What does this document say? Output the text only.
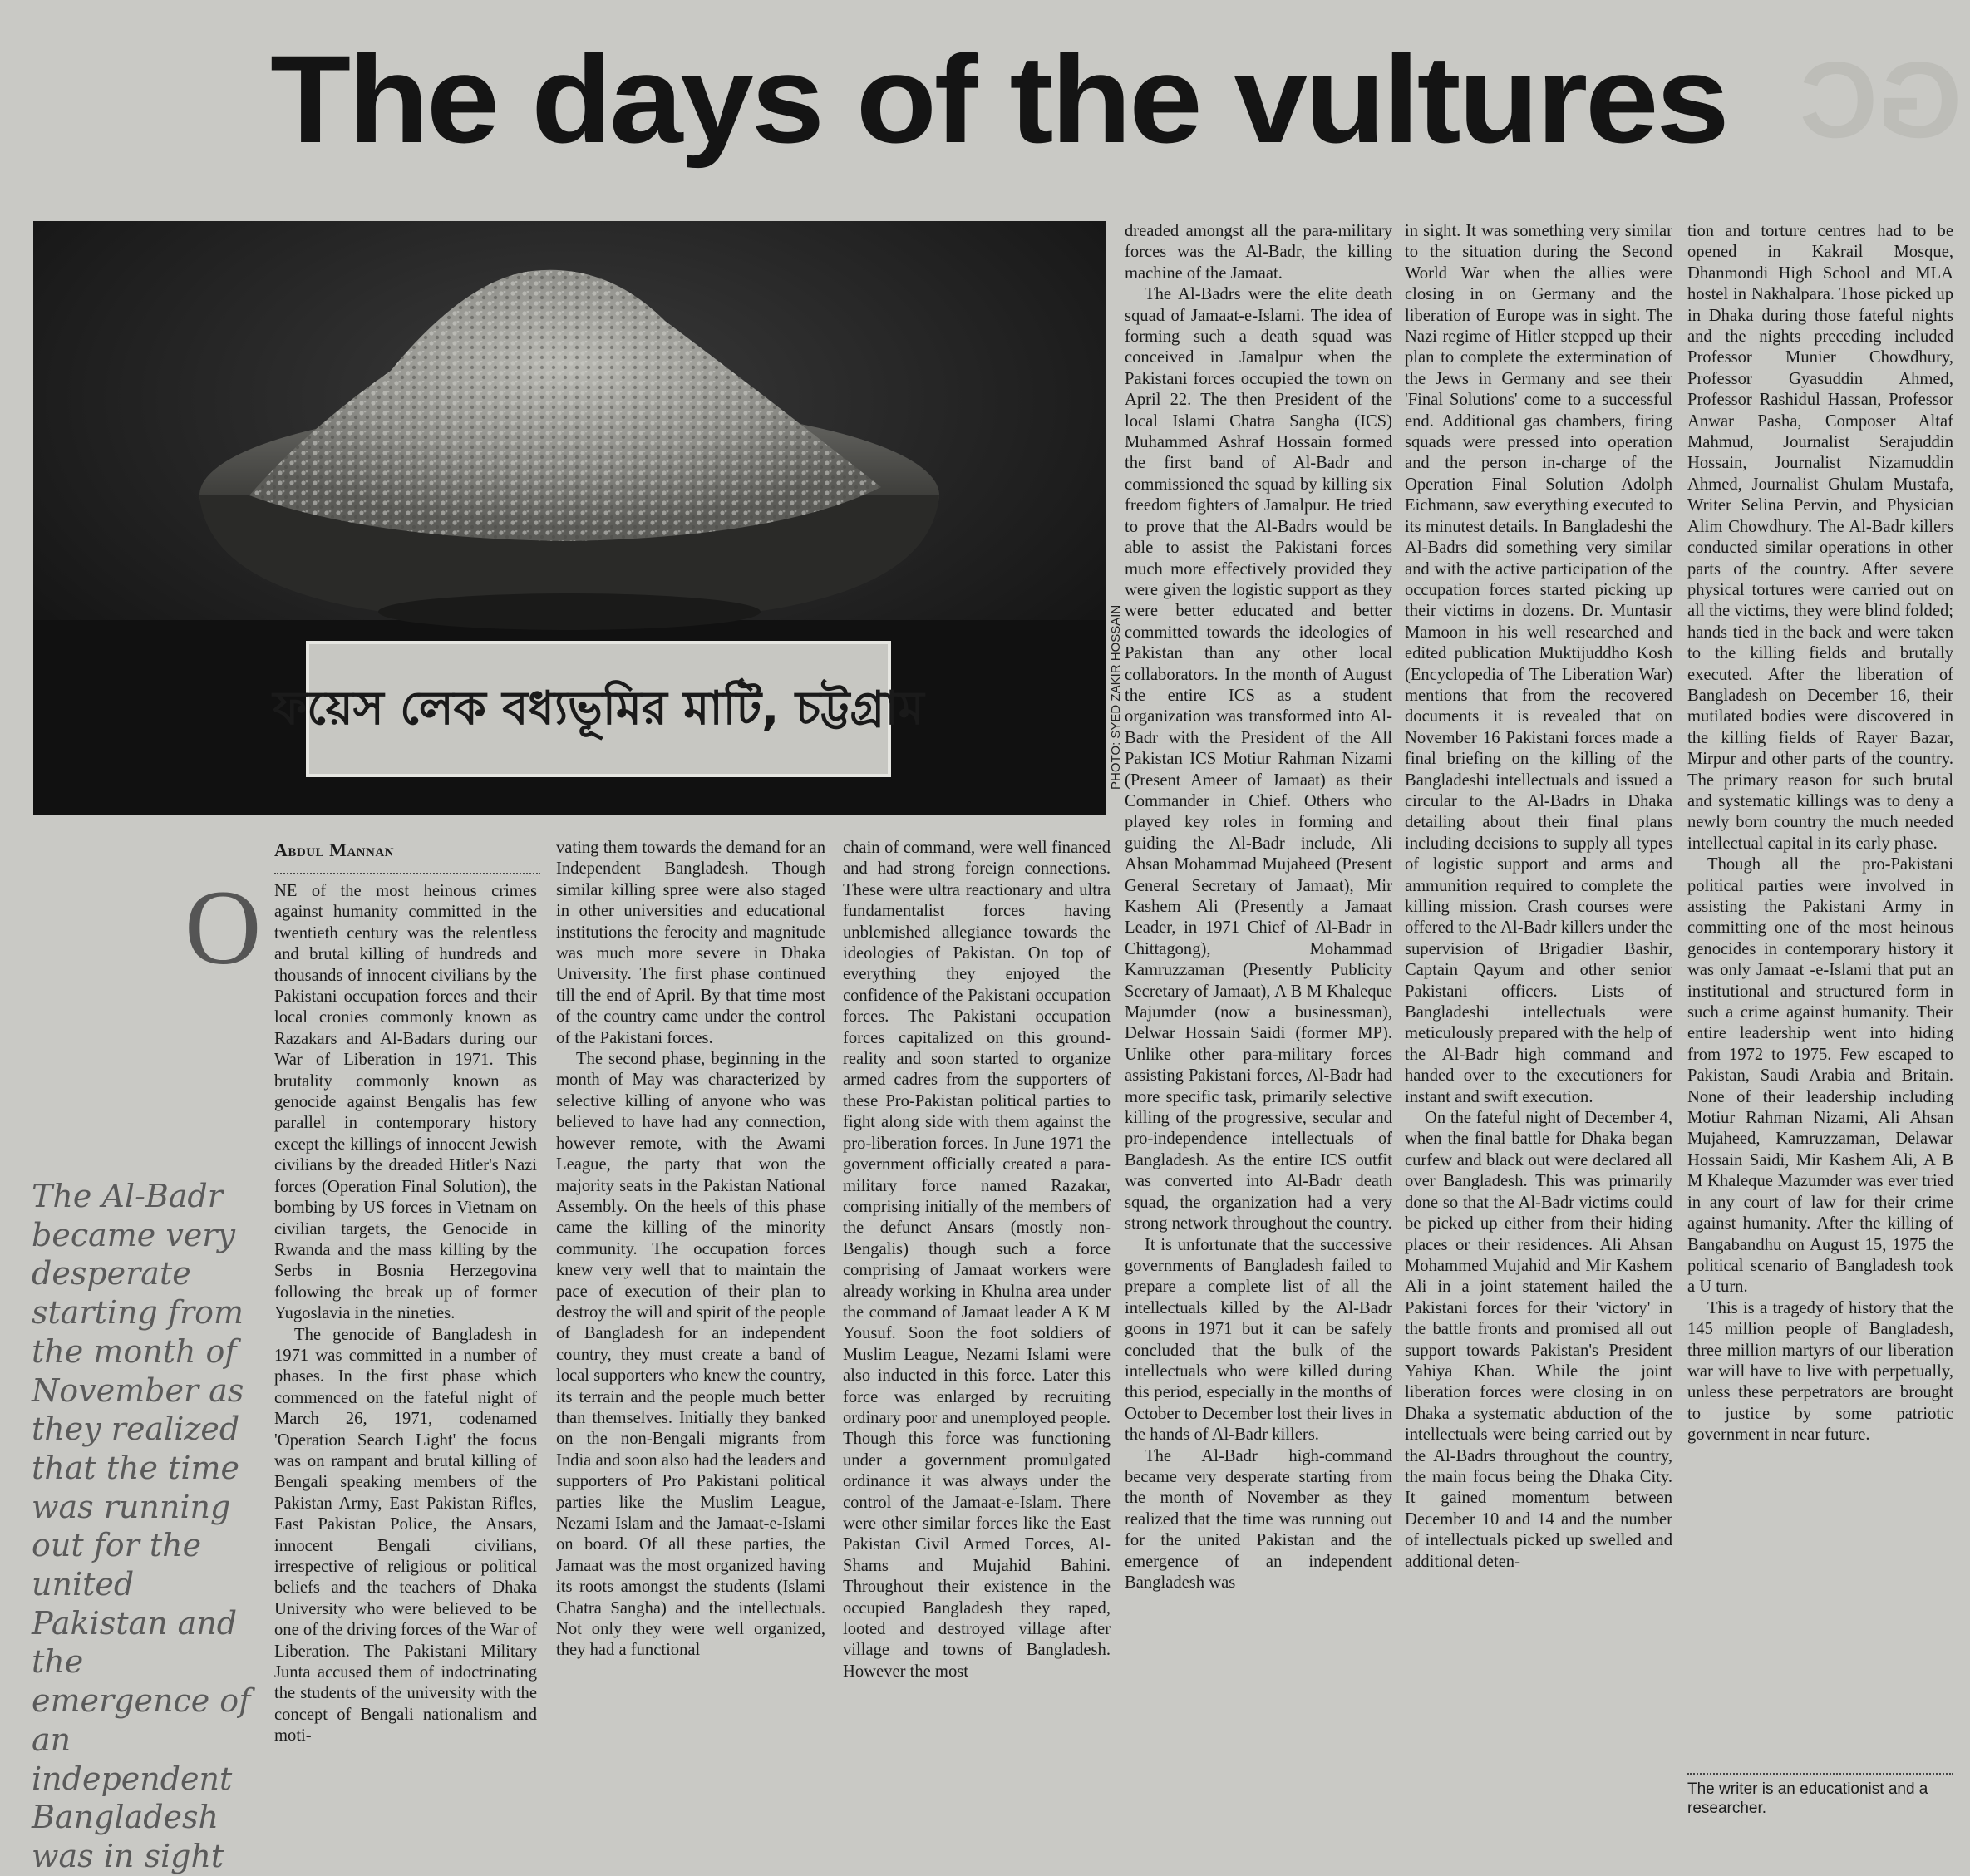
The days of the vultures GC
ফয়েস লেক বধ্যভূমির মাটি, চট্টগ্রাম	PHOTO: SYED ZAKIR HOSSAIN
Abdul Mannan
The Al-Badr became very desperate starting from the month of November as they realized that the time was running out for the united Pakistan and the emergence of an independent Bangladesh was in sight

NE of the most heinous crimes against humanity committed in the twentieth century was the relentless and brutal killing of hundreds and thousands of innocent civilians by the Pakistani occupation forces and their local cronies commonly known as Razakars and Al-Badars during our War of Liberation in 1971. This brutality commonly known as genocide against Bengalis has few parallel in contemporary history except the killings of innocent Jewish civilians by the dreaded Hitler's Nazi forces (Operation Final Solution), the bombing by US forces in Vietnam on civilian targets, the Genocide in Rwanda and the mass killing by the Serbs in Bosnia Herzegovina following the break up of former Yugoslavia in the nineties.

The genocide of Bangladesh in 1971 was committed in a number of phases. In the first phase which commenced on the fateful night of March 26, 1971, codenamed 'Operation Search Light' the focus was on rampant and brutal killing of Bengali speaking members of the Pakistan Army, East Pakistan Rifles, East Pakistan Police, the Ansars, innocent Bengali civilians, irrespective of religious or political beliefs and the teachers of Dhaka University who were believed to be one of the driving forces of the War of Liberation. The Pakistani Military Junta accused them of indoctrinating the students of the university with the concept of Bengali nationalism and moti-

O

vating them towards the demand for an Independent Bangladesh. Though similar killing spree were also staged in other universities and educational institutions the ferocity and magnitude was much more severe in Dhaka University. The first phase continued till the end of April. By that time most of the country came under the control of the Pakistani forces.

The second phase, beginning in the month of May was characterized by selective killing of anyone who was believed to have had any connection, however remote, with the Awami League, the party that won the majority seats in the Pakistan National Assembly. On the heels of this phase came the killing of the minority community. The occupation forces knew very well that to maintain the pace of execution of their plan to destroy the will and spirit of the people of Bangladesh for an independent country, they must create a band of local supporters who knew the country, its terrain and the people much better than themselves. Initially they banked on the non-Bengali migrants from India and soon also had the leaders and supporters of Pro Pakistani political parties like the Muslim League, Nezami Islam and the Jamaat-e-Islami on board. Of all these parties, the Jamaat was the most organized having its roots amongst the students (Islami Chatra Sangha) and the intellectuals. Not only they were well organized, they had a functional

chain of command, were well financed and had strong foreign connections. These were ultra reactionary and ultra fundamentalist forces having unblemished allegiance towards the ideologies of Pakistan. On top of everything they enjoyed the confidence of the Pakistani occupation forces. The Pakistani occupation forces capitalized on this ground-reality and soon started to organize armed cadres from the supporters of these Pro-Pakistan political parties to fight along side with them against the pro-liberation forces. In June 1971 the government officially created a para-military force named Razakar, comprising initially of the members of the defunct Ansars (mostly non-Bengalis) though such a force comprising of Jamaat workers were already working in Khulna area under the command of Jamaat leader A K M Yousuf. Soon the foot soldiers of Muslim League, Nezami Islami were also inducted in this force. Later this force was enlarged by recruiting ordinary poor and unemployed people. Though this force was functioning under a government promulgated ordinance it was always under the control of the Jamaat-e-Islam. There were other similar forces like the East Pakistan Civil Armed Forces, Al-Shams and Mujahid Bahini. Throughout their existence in the occupied Bangladesh they raped, looted and destroyed village after village and towns of Bangladesh. However the most

dreaded amongst all the para-military forces was the Al-Badr, the killing machine of the Jamaat.

The Al-Badrs were the elite death squad of Jamaat-e-Islami. The idea of forming such a death squad was conceived in Jamalpur when the Pakistani forces occupied the town on April 22. The then President of the local Islami Chatra Sangha (ICS) Muhammed Ashraf Hossain formed the first band of Al-Badr and commissioned the squad by killing six freedom fighters of Jamalpur. He tried to prove that the Al-Badrs would be able to assist the Pakistani forces much more effectively provided they were given the logistic support as they were better educated and better committed towards the ideologies of Pakistan than any other local collaborators. In the month of August the entire ICS as a student organization was transformed into Al-Badr with the President of the All Pakistan ICS Motiur Rahman Nizami (Present Ameer of Jamaat) as their Commander in Chief. Others who played key roles in forming and guiding the Al-Badr include, Ali Ahsan Mohammad Mujaheed (Present General Secretary of Jamaat), Mir Kashem Ali (Presently a Jamaat Leader, in 1971 Chief of Al-Badr in Chittagong), Mohammad Kamruzzaman (Presently Publicity Secretary of Jamaat), A B M Khaleque Majumder (now a businessman), Delwar Hossain Saidi (former MP). Unlike other para-military forces assisting Pakistani forces, Al-Badr had more specific task, primarily selective killing of the progressive, secular and pro-independence intellectuals of Bangladesh. As the entire ICS outfit was converted into Al-Badr death squad, the organization had a very strong network throughout the country.

It is unfortunate that the successive governments of Bangladesh failed to prepare a complete list of all the intellectuals killed by the Al-Badr goons in 1971 but it can be safely concluded that the bulk of the intellectuals who were killed during this period, especially in the months of October to December lost their lives in the hands of Al-Badr killers.

The Al-Badr high-command became very desperate starting from the month of November as they realized that the time was running out for the united Pakistan and the emergence of an independent Bangladesh was

in sight. It was something very similar to the situation during the Second World War when the allies were closing in on Germany and the liberation of Europe was in sight. The Nazi regime of Hitler stepped up their plan to complete the extermination of the Jews in Germany and see their 'Final Solutions' come to a successful end. Additional gas chambers, firing squads were pressed into operation and the person in-charge of the Operation Final Solution Adolph Eichmann, saw everything executed to its minutest details. In Bangladeshi the Al-Badrs did something very similar and with the active participation of the occupation forces started picking up their victims in dozens. Dr. Muntasir Mamoon in his well researched and edited publication Muktijuddho Kosh (Encyclopedia of The Liberation War) mentions that from the recovered documents it is revealed that on November 16 Pakistani forces made a final briefing on the killing of the Bangladeshi intellectuals and issued a circular to the Al-Badrs in Dhaka detailing about their final plans including decisions to supply all types of logistic support and arms and ammunition required to complete the killing mission. Crash courses were offered to the Al-Badr killers under the supervision of Brigadier Bashir, Captain Qayum and other senior Pakistani officers. Lists of Bangladeshi intellectuals were meticulously prepared with the help of the Al-Badr high command and handed over to the executioners for instant and swift execution.

On the fateful night of December 4, when the final battle for Dhaka began curfew and black out were declared all over Bangladesh. This was primarily done so that the Al-Badr victims could be picked up either from their hiding places or their residences. Ali Ahsan Mohammed Mujahid and Mir Kashem Ali in a joint statement hailed the Pakistani forces for their 'victory' in the battle fronts and promised all out support towards Pakistan's President Yahiya Khan. While the joint liberation forces were closing in on Dhaka a systematic abduction of the intellectuals were being carried out by the Al-Badrs throughout the country, the main focus being the Dhaka City. It gained momentum between December 10 and 14 and the number of intellectuals picked up swelled and additional deten-

tion and torture centres had to be opened in Kakrail Mosque, Dhanmondi High School and MLA hostel in Nakhalpara. Those picked up in Dhaka during those fateful nights and the nights preceding included Professor Munier Chowdhury, Professor Gyasuddin Ahmed, Professor Rashidul Hassan, Professor Anwar Pasha, Composer Altaf Mahmud, Journalist Serajuddin Hossain, Journalist Nizamuddin Ahmed, Journalist Ghulam Mustafa, Writer Selina Pervin, and Physician Alim Chowdhury. The Al-Badr killers conducted similar operations in other parts of the country. After severe physical tortures were carried out on all the victims, they were blind folded; hands tied in the back and were taken to the killing fields and brutally executed. After the liberation of Bangladesh on December 16, their mutilated bodies were discovered in the killing fields of Rayer Bazar, Mirpur and other parts of the country. The primary reason for such brutal and systematic killings was to deny a newly born country the much needed intellectual capital in its early phase.

Though all the pro-Pakistani political parties were involved in assisting the Pakistani Army in committing one of the most heinous genocides in contemporary history it was only Jamaat -e-Islami that put an institutional and structured form in such a crime against humanity. Their entire leadership went into hiding from 1972 to 1975. Few escaped to Pakistan, Saudi Arabia and Britain. None of their leadership including Motiur Rahman Nizami, Ali Ahsan Mujaheed, Kamruzzaman, Delawar Hossain Saidi, Mir Kashem Ali, A B M Khaleque Mazumder was ever tried in any court of law for their crime against humanity. After the killing of Bangabandhu on August 15, 1975 the political scenario of Bangladesh took a U turn.

This is a tragedy of history that the 145 million people of Bangladesh, three million martyrs of our liberation war will have to live with perpetually, unless these perpetrators are brought to justice by some patriotic government in near future.

The writer is an educationist and a researcher.
